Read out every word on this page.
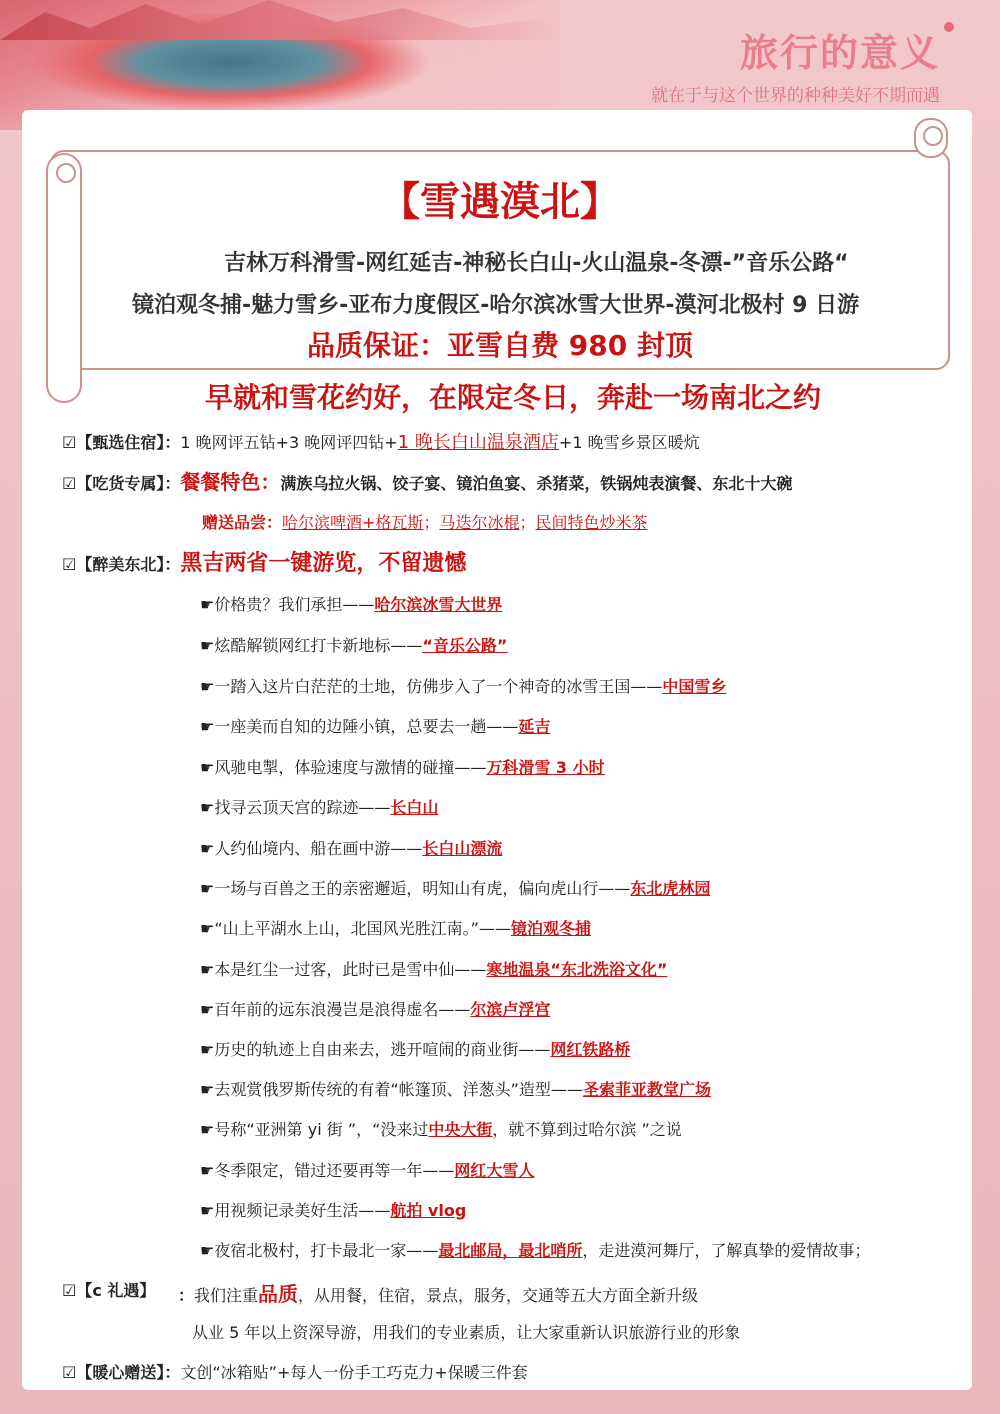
旅行的意义
就在于与这个世界的种种美好不期而遇
【雪遇漠北】
吉林万科滑雪-网红延吉-神秘长白山-火山温泉-冬漂-”音乐公路“
镜泊观冬捕-魅力雪乡-亚布力度假区-哈尔滨冰雪大世界-漠河北极村 9 日游
品质保证：亚雪自费 980 封顶
早就和雪花约好，在限定冬日，奔赴一场南北之约
☑【甄选住宿】：1 晚网评五钻+3 晚网评四钻+1 晚长白山温泉酒店+1 晚雪乡景区暖炕
☑【吃货专属】：餐餐特色：满族乌拉火锅、饺子宴、镜泊鱼宴、杀猪菜，铁锅炖表演餐、东北十大碗
赠送品尝：哈尔滨啤酒+格瓦斯；马迭尔冰棍；民间特色炒米茶
☑【醉美东北】：黑吉两省一键游览，不留遗憾
☛价格贵？我们承担——哈尔滨冰雪大世界
☛炫酷解锁网红打卡新地标——“音乐公路”
☛一踏入这片白茫茫的土地，仿佛步入了一个神奇的冰雪王国——中国雪乡
☛一座美而自知的边陲小镇，总要去一趟——延吉
☛风驰电掣，体验速度与激情的碰撞——万科滑雪 3 小时
☛找寻云顶天宫的踪迹——长白山
☛人约仙境内、船在画中游——长白山漂流
☛一场与百兽之王的亲密邂逅，明知山有虎，偏向虎山行——东北虎林园
☛“山上平湖水上山，北国风光胜江南。”——镜泊观冬捕
☛本是红尘一过客，此时已是雪中仙——寒地温泉“东北洗浴文化”
☛百年前的远东浪漫岂是浪得虚名——尔滨卢浮宫
☛历史的轨迹上自由来去，逃开喧闹的商业街——网红铁路桥
☛去观赏俄罗斯传统的有着“帐篷顶、洋葱头”造型——圣索菲亚教堂广场
☛号称“亚洲第 yi 街 ”，“没来过中央大街，就不算到过哈尔滨 ”之说
☛冬季限定，错过还要再等一年——网红大雪人
☛用视频记录美好生活——航拍 vlog
☛夜宿北极村，打卡最北一家——最北邮局，最北哨所，走进漠河舞厅，了解真挚的爱情故事；
☑【c 礼遇】 ：我们注重品质，从用餐，住宿，景点，服务，交通等五大方面全新升级
从业 5 年以上资深导游，用我们的专业素质，让大家重新认识旅游行业的形象
☑【暖心赠送】：文创“冰箱贴”+每人一份手工巧克力+保暖三件套
